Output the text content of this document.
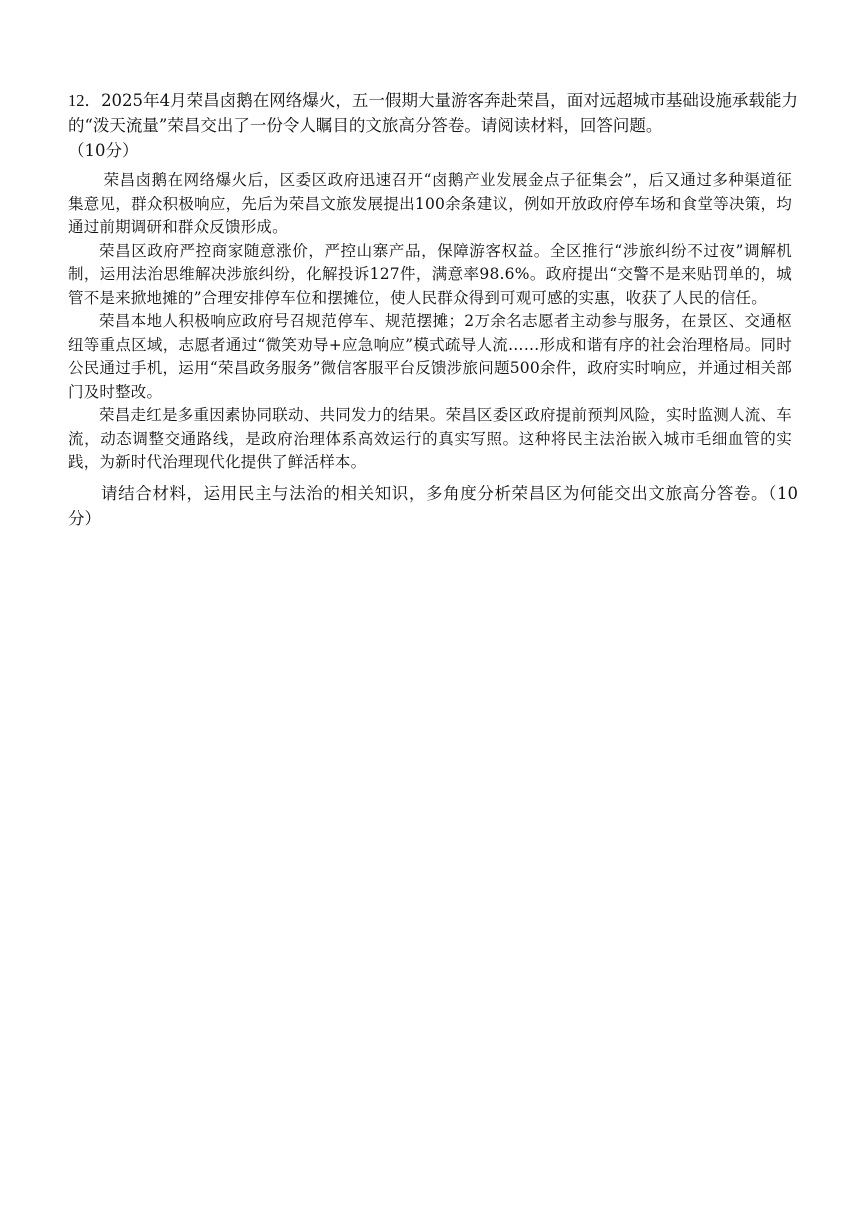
12．2025年4月荣昌卤鹅在网络爆火，五一假期大量游客奔赴荣昌，面对远超城市基础设施承载能力的“泼天流量”荣昌交出了一份令人瞩目的文旅高分答卷。请阅读材料，回答问题。
（10分）

荣昌卤鹅在网络爆火后，区委区政府迅速召开“卤鹅产业发展金点子征集会”，后又通过多种渠道征集意见，群众积极响应，先后为荣昌文旅发展提出100余条建议，例如开放政府停车场和食堂等决策，均通过前期调研和群众反馈形成。

荣昌区政府严控商家随意涨价，严控山寨产品，保障游客权益。全区推行“涉旅纠纷不过夜”调解机制，运用法治思维解决涉旅纠纷，化解投诉127件，满意率98.6%。政府提出“交警不是来贴罚单的，城管不是来掀地摊的”合理安排停车位和摆摊位，使人民群众得到可观可感的实惠，收获了人民的信任。

荣昌本地人积极响应政府号召规范停车、规范摆摊；2万余名志愿者主动参与服务，在景区、交通枢纽等重点区域，志愿者通过“微笑劝导+应急响应”模式疏导人流……形成和谐有序的社会治理格局。同时公民通过手机，运用“荣昌政务服务”微信客服平台反馈涉旅问题500余件，政府实时响应，并通过相关部门及时整改。

荣昌走红是多重因素协同联动、共同发力的结果。荣昌区委区政府提前预判风险，实时监测人流、车流，动态调整交通路线，是政府治理体系高效运行的真实写照。这种将民主法治嵌入城市毛细血管的实践，为新时代治理现代化提供了鲜活样本。

请结合材料，运用民主与法治的相关知识，多角度分析荣昌区为何能交出文旅高分答卷。（10分）
